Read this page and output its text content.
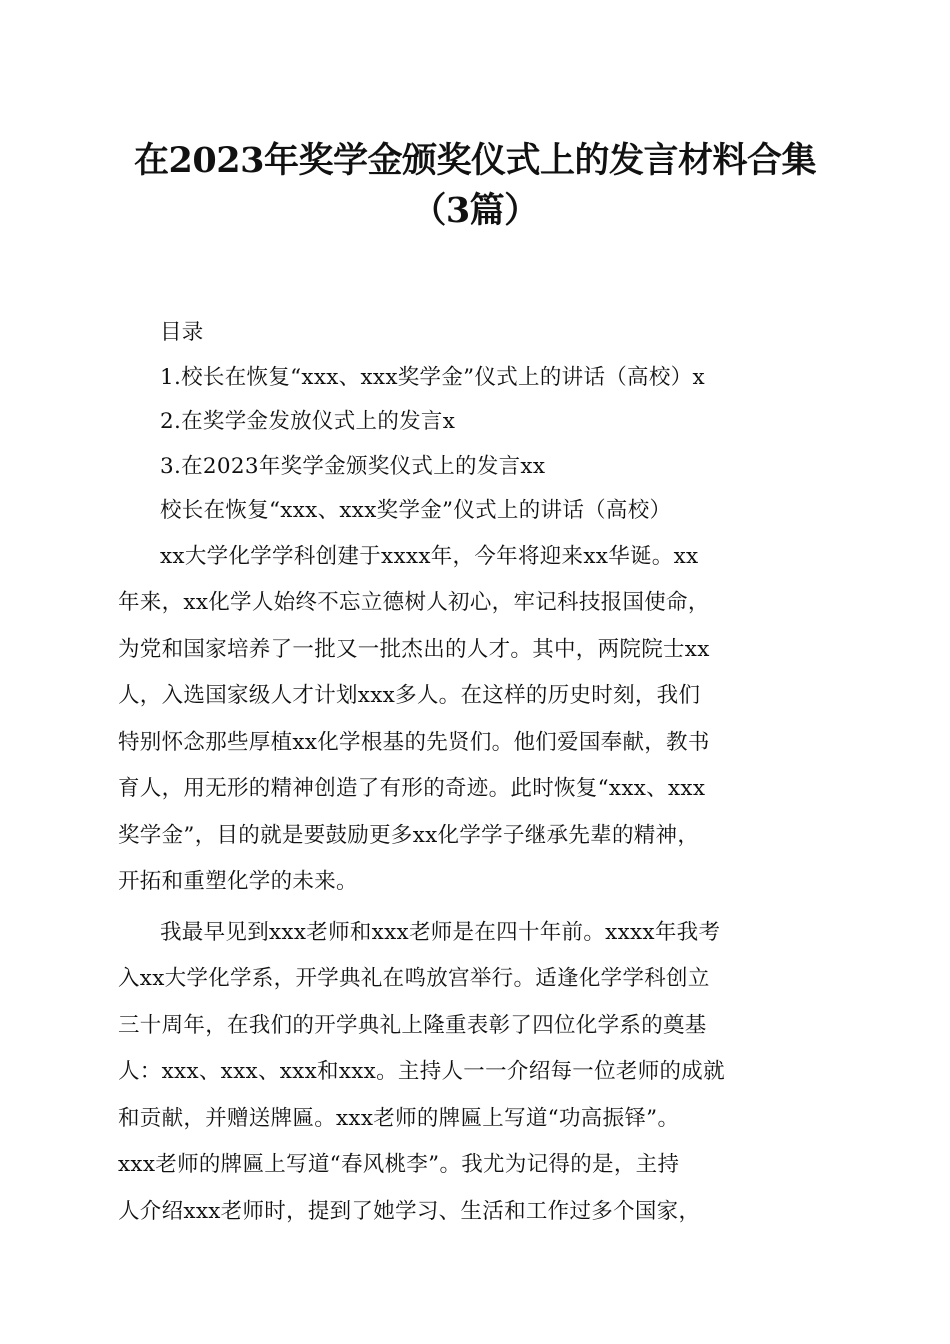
在2023年奖学金颁奖仪式上的发言材料合集
（3篇）

目录

1.校长在恢复“xxx、xxx奖学金”仪式上的讲话（高校）x

2.在奖学金发放仪式上的发言x

3.在2023年奖学金颁奖仪式上的发言xx

校长在恢复“xxx、xxx奖学金”仪式上的讲话（高校）

xx大学化学学科创建于xxxx年，今年将迎来xx华诞。xx
年来，xx化学人始终不忘立德树人初心，牢记科技报国使命，
为党和国家培养了一批又一批杰出的人才。其中，两院院士xx
人，入选国家级人才计划xxx多人。在这样的历史时刻，我们
特别怀念那些厚植xx化学根基的先贤们。他们爱国奉献，教书
育人，用无形的精神创造了有形的奇迹。此时恢复“xxx、xxx
奖学金”，目的就是要鼓励更多xx化学学子继承先辈的精神，
开拓和重塑化学的未来。

我最早见到xxx老师和xxx老师是在四十年前。xxxx年我考
入xx大学化学系，开学典礼在鸣放宫举行。适逢化学学科创立
三十周年，在我们的开学典礼上隆重表彰了四位化学系的奠基
人：xxx、xxx、xxx和xxx。主持人一一介绍每一位老师的成就
和贡献，并赠送牌匾。xxx老师的牌匾上写道“功高振铎”。
xxx老师的牌匾上写道“春风桃李”。我尤为记得的是，主持
人介绍xxx老师时，提到了她学习、生活和工作过多个国家，
